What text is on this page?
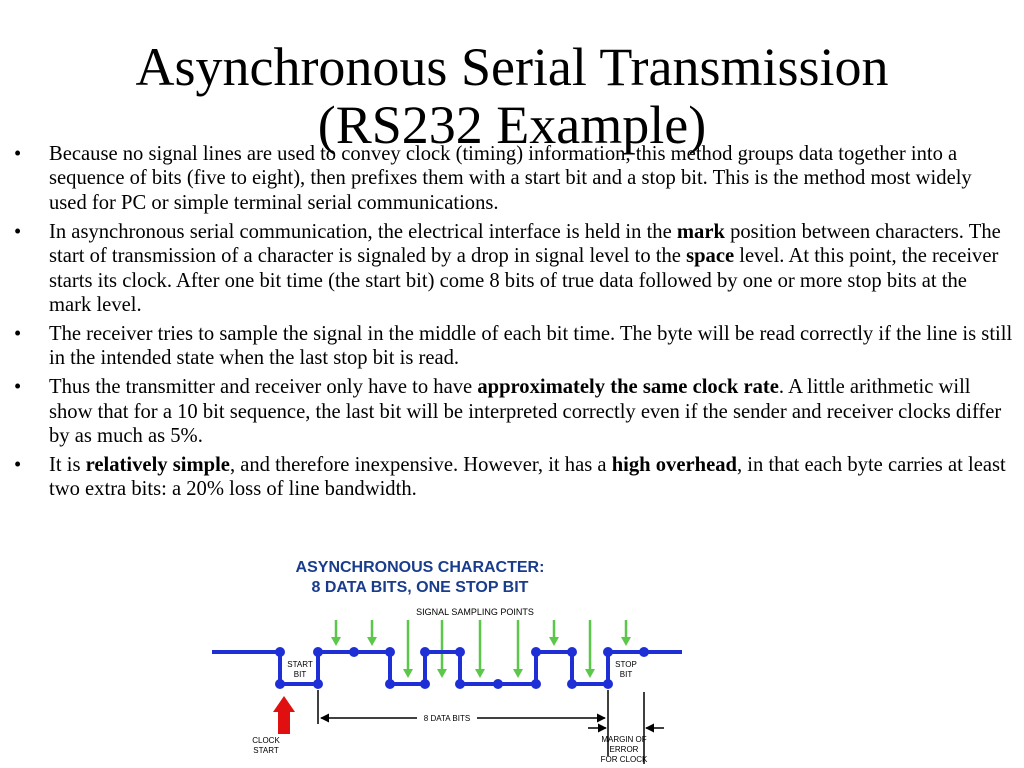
Asynchronous Serial Transmission
(RS232 Example)
• Because no signal lines are used to convey clock (timing) information, this method groups data together into a sequence of bits (five to eight), then prefixes them with a start bit and a stop bit. This is the method most widely used for PC or simple terminal serial communications.
• In asynchronous serial communication, the electrical interface is held in the mark position between characters. The start of transmission of a character is signaled by a drop in signal level to the space level. At this point, the receiver starts its clock. After one bit time (the start bit) come 8 bits of true data followed by one or more stop bits at the mark level.
• The receiver tries to sample the signal in the middle of each bit time. The byte will be read correctly if the line is still in the intended state when the last stop bit is read.
• Thus the transmitter and receiver only have to have approximately the same clock rate. A little arithmetic will show that for a 10 bit sequence, the last bit will be interpreted correctly even if the sender and receiver clocks differ by as much as 5%.
• It is relatively simple, and therefore inexpensive. However, it has a high overhead, in that each byte carries at least two extra bits: a 20% loss of line bandwidth.
ASYNCHRONOUS CHARACTER:
8 DATA BITS, ONE STOP BIT
SIGNAL SAMPLING POINTS
START
BIT
STOP
BIT
8 DATA BITS
MARGIN OF
ERROR
FOR CLOCK
CLOCK
START
